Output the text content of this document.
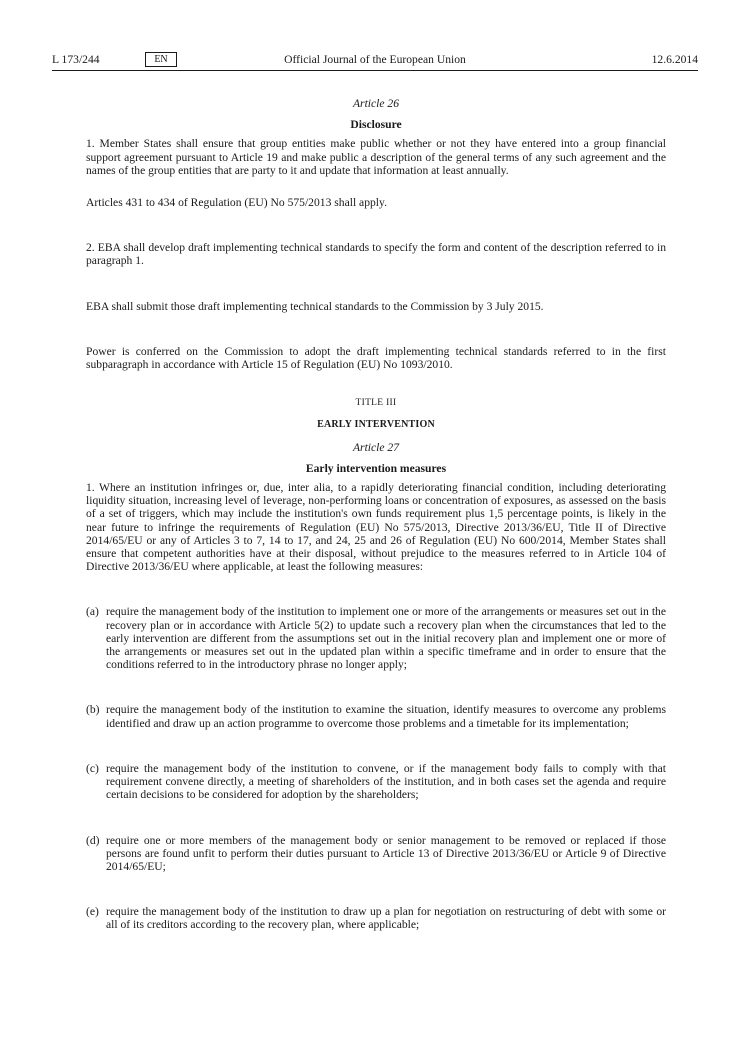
L 173/244	EN	Official Journal of the European Union	12.6.2014
Article 26
Disclosure

1. Member States shall ensure that group entities make public whether or not they have entered into a group financial support agreement pursuant to Article 19 and make public a description of the general terms of any such agreement and the names of the group entities that are party to it and update that information at least annually.

Articles 431 to 434 of Regulation (EU) No 575/2013 shall apply.

2. EBA shall develop draft implementing technical standards to specify the form and content of the description referred to in paragraph 1.

EBA shall submit those draft implementing technical standards to the Commission by 3 July 2015.

Power is conferred on the Commission to adopt the draft implementing technical standards referred to in the first subparagraph in accordance with Article 15 of Regulation (EU) No 1093/2010.

TITLE III
EARLY INTERVENTION
Article 27
Early intervention measures

1. Where an institution infringes or, due, inter alia, to a rapidly deteriorating financial condition, including deteriorating liquidity situation, increasing level of leverage, non-performing loans or concentration of exposures, as assessed on the basis of a set of triggers, which may include the institution's own funds requirement plus 1,5 percentage points, is likely in the near future to infringe the requirements of Regulation (EU) No 575/2013, Directive 2013/36/EU, Title II of Directive 2014/65/EU or any of Articles 3 to 7, 14 to 17, and 24, 25 and 26 of Regulation (EU) No 600/2014, Member States shall ensure that competent authorities have at their disposal, without prejudice to the measures referred to in Article 104 of Directive 2013/36/EU where applicable, at least the following measures:

(a) require the management body of the institution to implement one or more of the arrangements or measures set out in the recovery plan or in accordance with Article 5(2) to update such a recovery plan when the circumstances that led to the early intervention are different from the assumptions set out in the initial recovery plan and implement one or more of the arrangements or measures set out in the updated plan within a specific timeframe and in order to ensure that the conditions referred to in the introductory phrase no longer apply;
(b) require the management body of the institution to examine the situation, identify measures to overcome any problems identified and draw up an action programme to overcome those problems and a timetable for its implementation;
(c) require the management body of the institution to convene, or if the management body fails to comply with that requirement convene directly, a meeting of shareholders of the institution, and in both cases set the agenda and require certain decisions to be considered for adoption by the shareholders;
(d) require one or more members of the management body or senior management to be removed or replaced if those persons are found unfit to perform their duties pursuant to Article 13 of Directive 2013/36/EU or Article 9 of Directive 2014/65/EU;
(e) require the management body of the institution to draw up a plan for negotiation on restructuring of debt with some or all of its creditors according to the recovery plan, where applicable;
